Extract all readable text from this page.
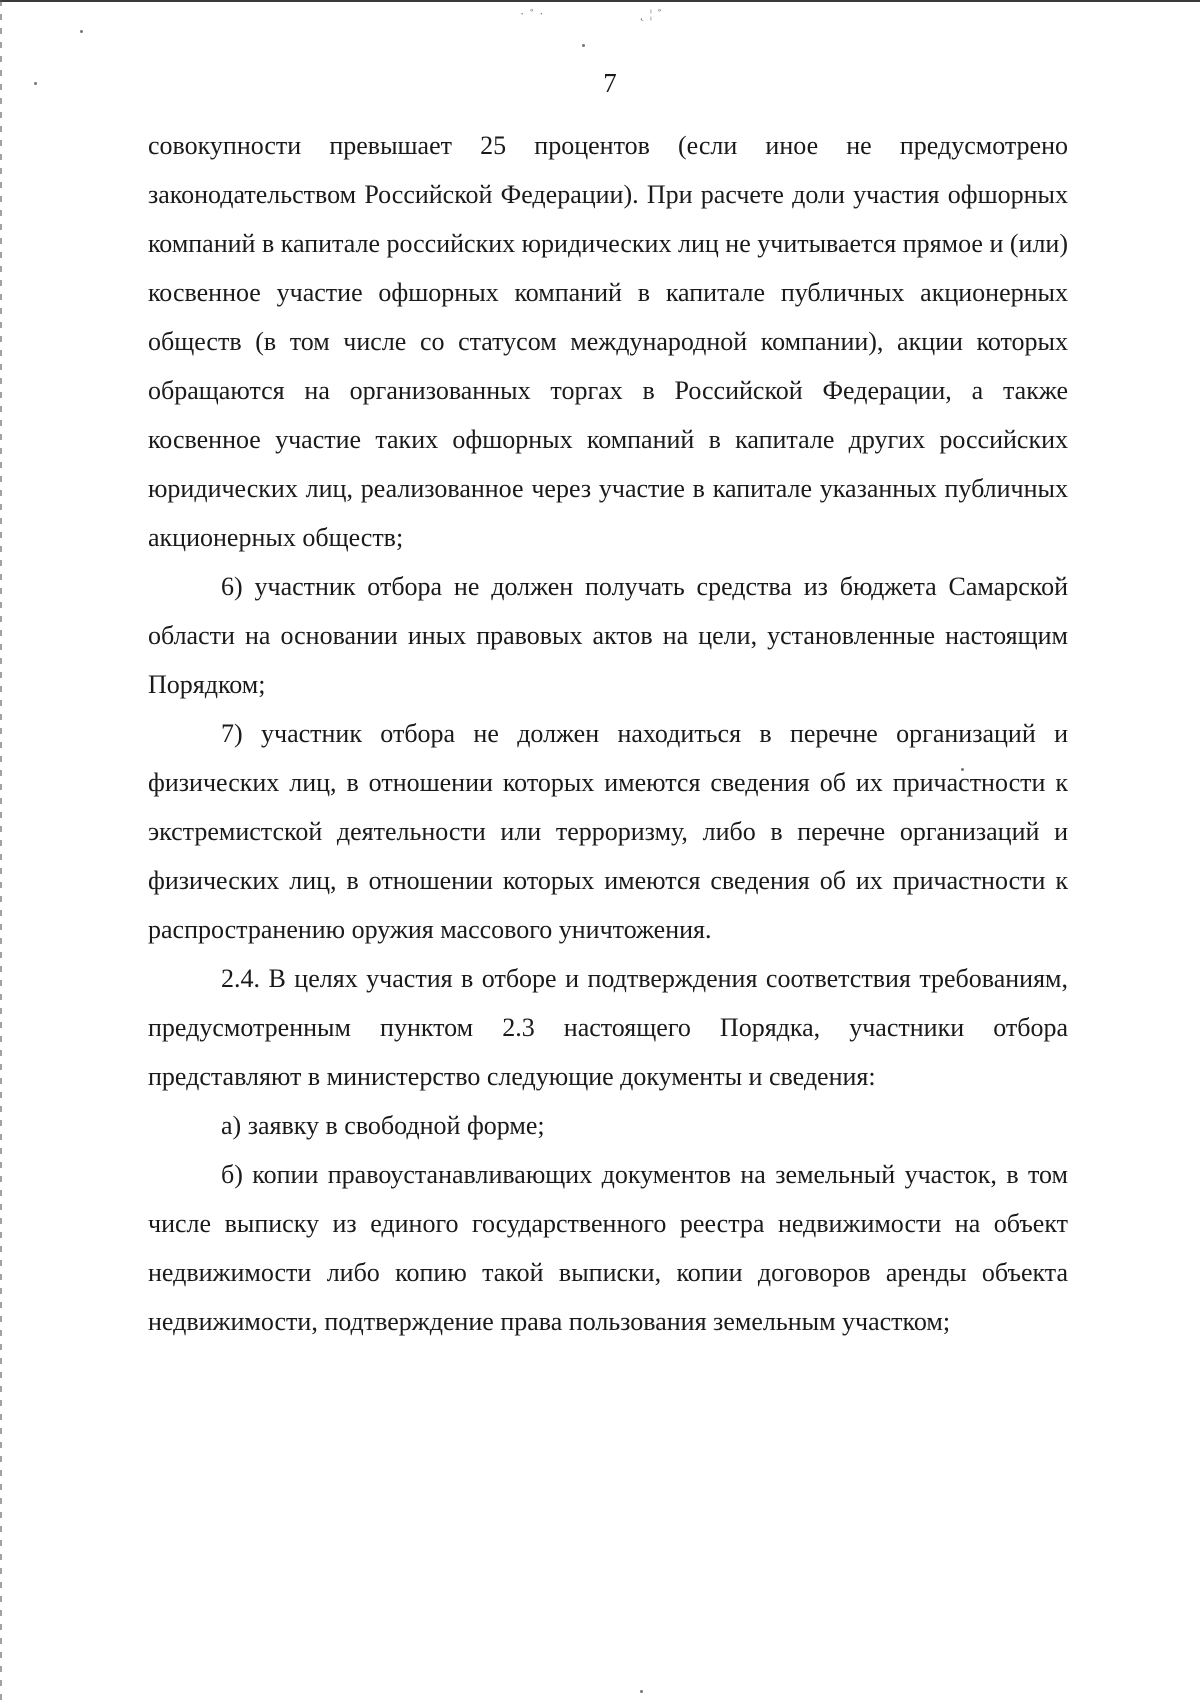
· ˚ ·	˛ ¦ ˚
7

совокупности превышает 25 процентов (если иное не предусмотрено законодательством Российской Федерации). При расчете доли участия офшорных компаний в капитале российских юридических лиц не учитывается прямое и (или) косвенное участие офшорных компаний в капитале публичных акционерных обществ (в том числе со статусом международной компании), акции которых обращаются на организованных торгах в Российской Федерации, а также косвенное участие таких офшорных компаний в капитале других российских юридических лиц, реализованное через участие в капитале указанных публичных акционерных обществ;

6) участник отбора не должен получать средства из бюджета Самарской области на основании иных правовых актов на цели, установленные настоящим Порядком;

7) участник отбора не должен находиться в перечне организаций и физических лиц, в отношении которых имеются сведения об их причастности к экстремистской деятельности или терроризму, либо в перечне организаций и физических лиц, в отношении которых имеются сведения об их причастности к распространению оружия массового уничтожения.

2.4. В целях участия в отборе и подтверждения соответствия требованиям, предусмотренным пунктом 2.3 настоящего Порядка, участники отбора представляют в министерство следующие документы и сведения:

а) заявку в свободной форме;

б) копии правоустанавливающих документов на земельный участок, в том числе выписку из единого государственного реестра недвижимости на объект недвижимости либо копию такой выписки, копии договоров аренды объекта недвижимости, подтверждение права пользования земельным участком;
